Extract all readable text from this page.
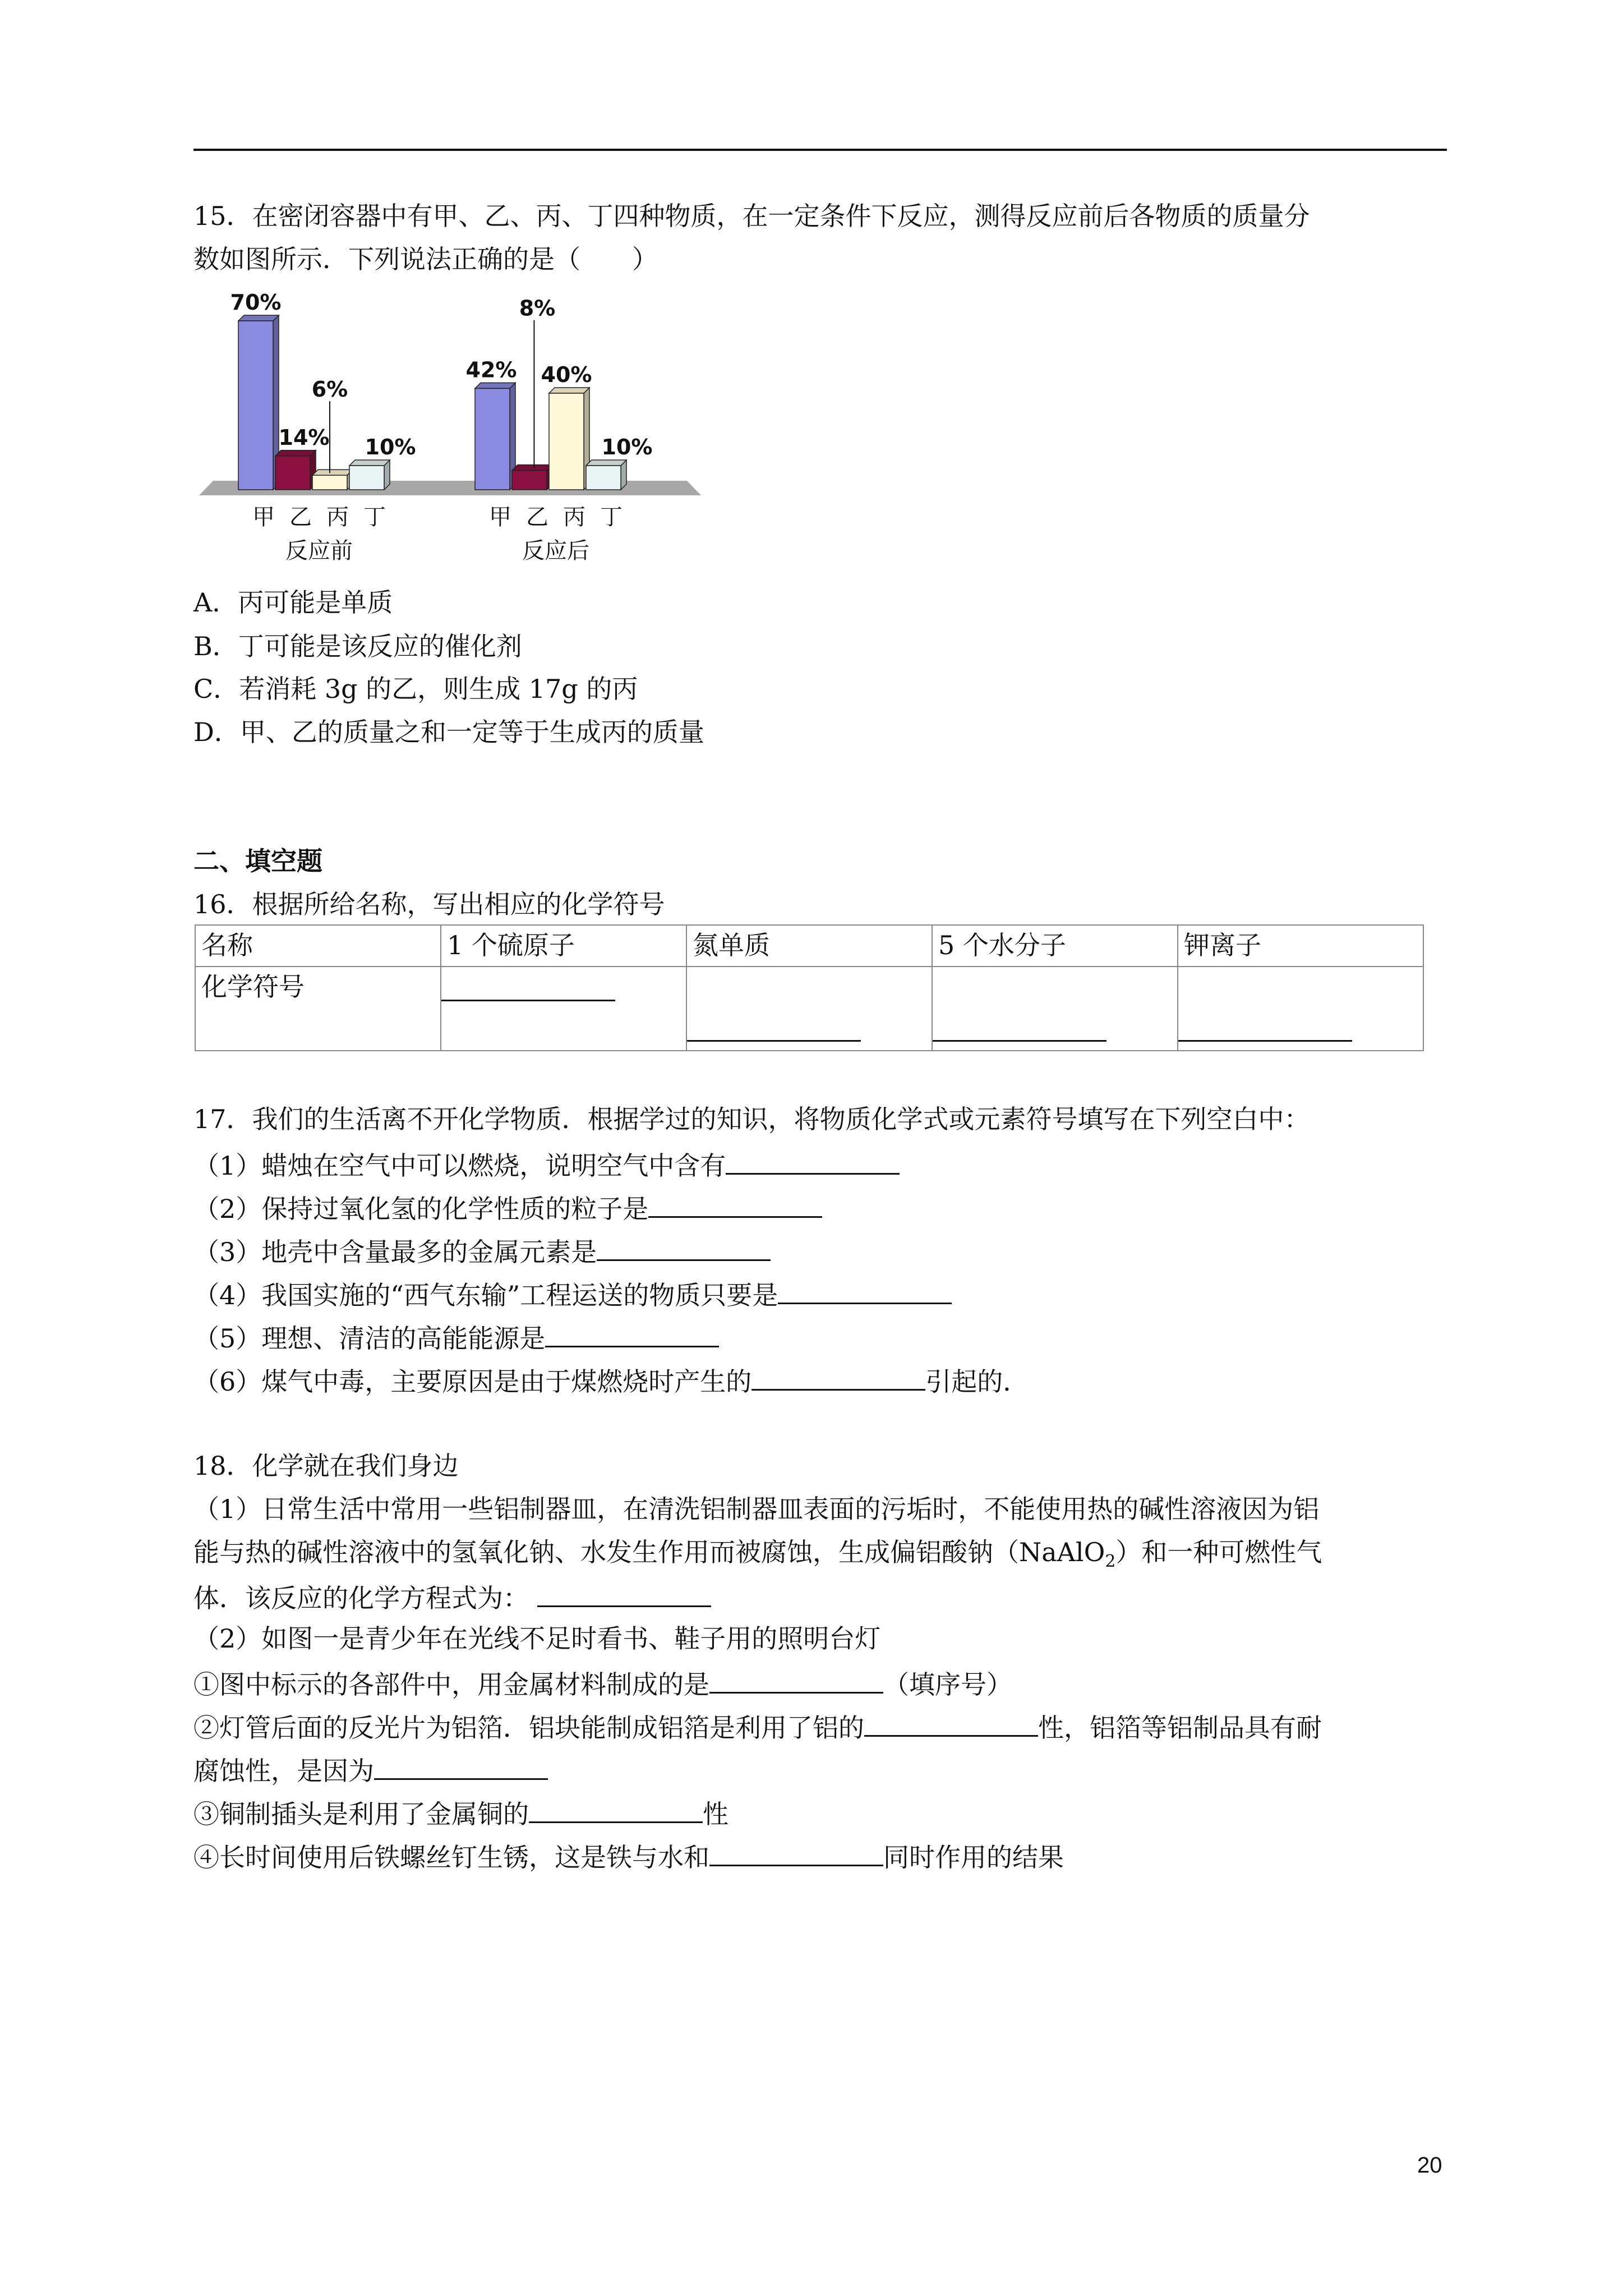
15．在密闭容器中有甲、乙、丙、丁四种物质，在一定条件下反应，测得反应前后各物质的质量分
数如图所示．下列说法正确的是（　　）
70%
14%
6%
10%
42%
8%
40%
10%
甲 乙 丙 丁	甲 乙 丙 丁
反应前	反应后
A．丙可能是单质
B．丁可能是该反应的催化剂
C．若消耗 3g 的乙，则生成 17g 的丙
D．甲、乙的质量之和一定等于生成丙的质量
二、填空题
16．根据所给名称，写出相应的化学符号
名称	1 个硫原子	氮单质	5 个水分子	钾离子
化学符号	

17．我们的生活离不开化学物质．根据学过的知识，将物质化学式或元素符号填写在下列空白中：
（1）蜡烛在空气中可以燃烧，说明空气中含有
（2）保持过氧化氢的化学性质的粒子是
（3）地壳中含量最多的金属元素是
（4）我国实施的“西气东输”工程运送的物质只要是
（5）理想、清洁的高能能源是
（6）煤气中毒，主要原因是由于煤燃烧时产生的	引起的．
18．化学就在我们身边
（1）日常生活中常用一些铝制器皿，在清洗铝制器皿表面的污垢时，不能使用热的碱性溶液因为铝
能与热的碱性溶液中的氢氧化钠、水发生作用而被腐蚀，生成偏铝酸钠（NaAlO$_2$）和一种可燃性气
体．该反应的化学方程式为：
（2）如图一是青少年在光线不足时看书、鞋子用的照明台灯
①图中标示的各部件中，用金属材料制成的是	（填序号）
②灯管后面的反光片为铝箔．铝块能制成铝箔是利用了铝的	性，铝箔等铝制品具有耐
腐蚀性，是因为
③铜制插头是利用了金属铜的	性
④长时间使用后铁螺丝钉生锈，这是铁与水和	同时作用的结果
20
